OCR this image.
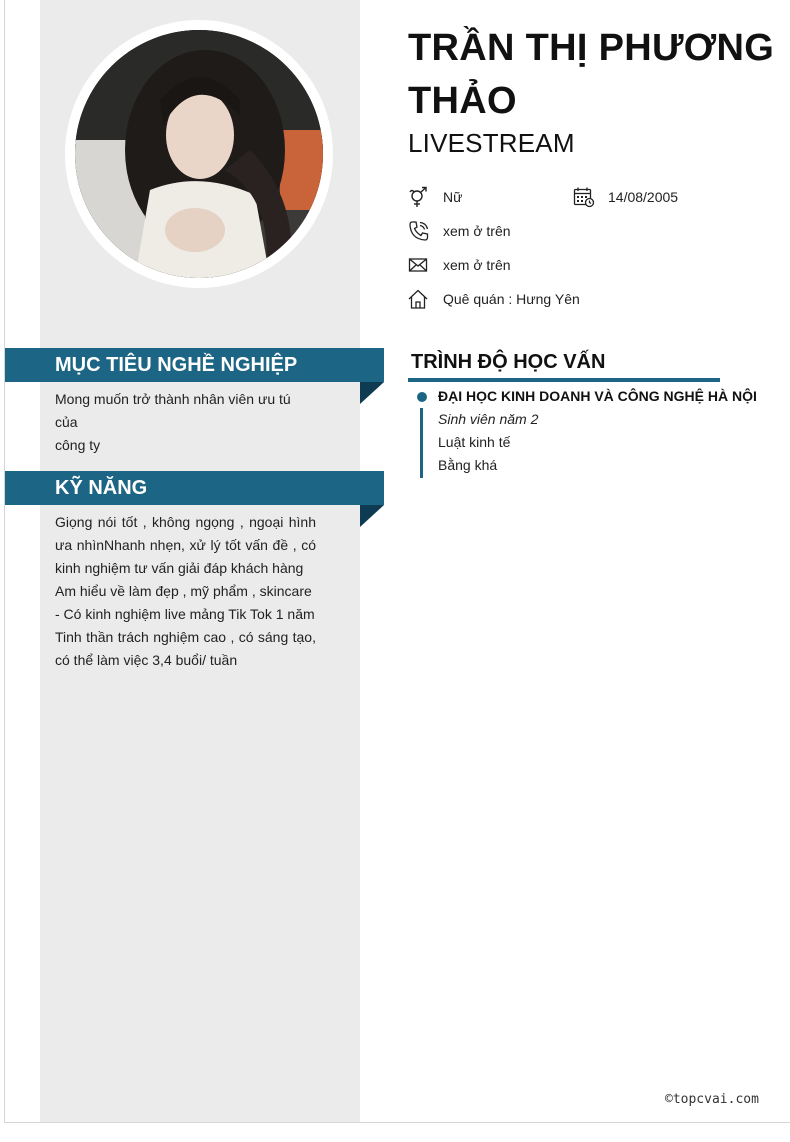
TRẦN THỊ PHƯƠNG THẢO
LIVESTREAM
Nữ	14/08/2005
xem ở trên
xem ở trên
Quê quán : Hưng Yên
MỤC TIÊU NGHỀ NGHIỆP
Mong muốn trở thành nhân viên ưu tú của
công ty
KỸ NĂNG
Giọng nói tốt , không ngọng , ngoại hình
ưa nhìnNhanh nhẹn, xử lý tốt vấn đề , có
kinh nghiệm tư vấn giải đáp khách hàng
Am hiểu về làm đẹp , mỹ phẩm , skincare
- Có kinh nghiệm live mảng Tik Tok 1 năm
Tinh thần trách nghiệm cao , có sáng tạo,
có thể làm việc 3,4 buổi/ tuần
TRÌNH ĐỘ HỌC VẤN
ĐẠI HỌC KINH DOANH VÀ CÔNG NGHỆ HÀ NỘI
Sinh viên năm 2
Luật kinh tế
Bằng khá
©topcvai.com
